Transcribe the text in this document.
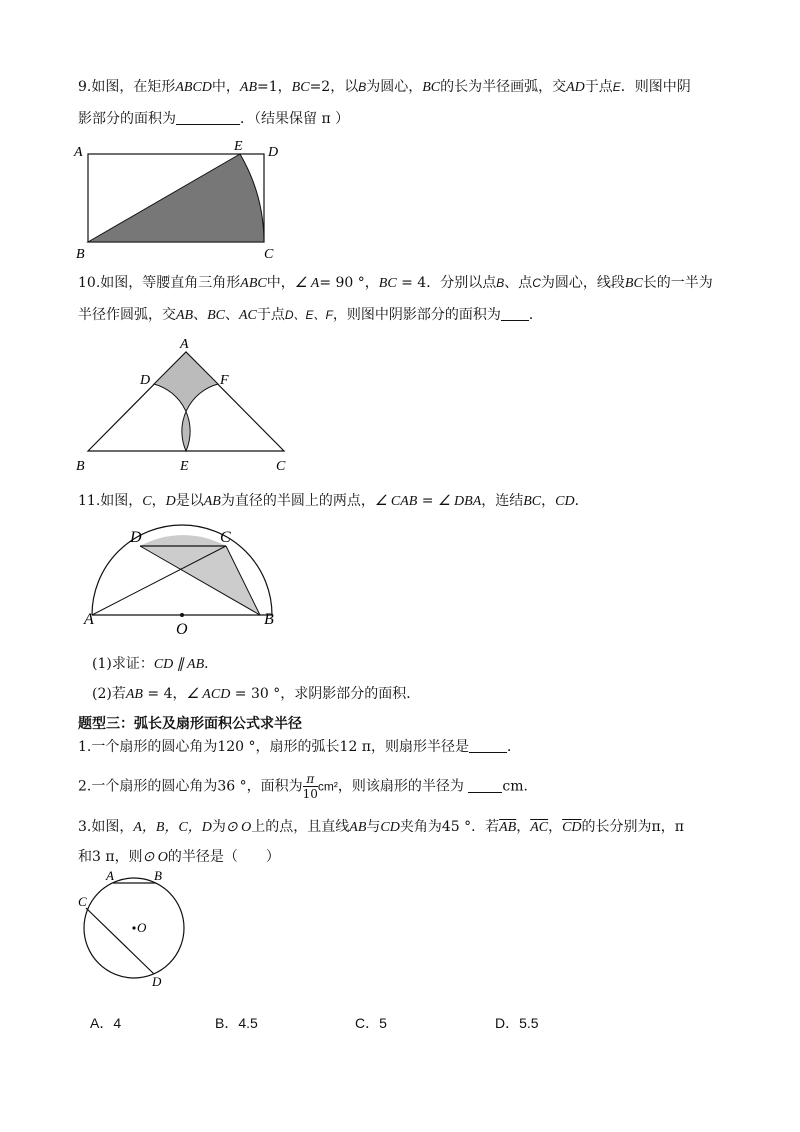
9.如图，在矩形ABCD中，AB=1，BC=2，以B为圆心，BC的长为半径画弧，交AD于点E．则图中阴
影部分的面积为	．（结果保留 π ）
A	E D
B	C
10.如图，等腰直角三角形ABC中，∠ A= 90 °，BC = 4．分别以点B、点C为圆心，线段BC长的一半为
半径作圆弧，交AB、BC、AC于点D、E、F，则图中阴影部分的面积为 ．
A
D	F
B	E	C
11.如图，C，D是以AB为直径的半圆上的两点，∠ CAB = ∠ DBA，连结BC，CD．
D	C
A
O
B
(1)求证：CD ∥ AB．
(2)若AB = 4，∠ ACD = 30 °，求阴影部分的面积．
题型三：弧长及扇形面积公式求半径
1.一个扇形的圆心角为120 °，扇形的弧长12 π，则扇形半径是	．
2.一个扇形的圆心角为36 °，面积为 $\frac{\pi}{10} cm^2$，则该扇形的半径为 cm.
3.如图，A，B，C，D为⊙ O上的点，且直线AB与CD夹角为45 °．若$\overline{AB}$，$\overline{AC}$，$\overline{CD}$的长分别为π，π
和3 π，则⊙ O的半径是（　　）
A	B
C
O
D
A．4	B．4.5	C．5	D．5.5
